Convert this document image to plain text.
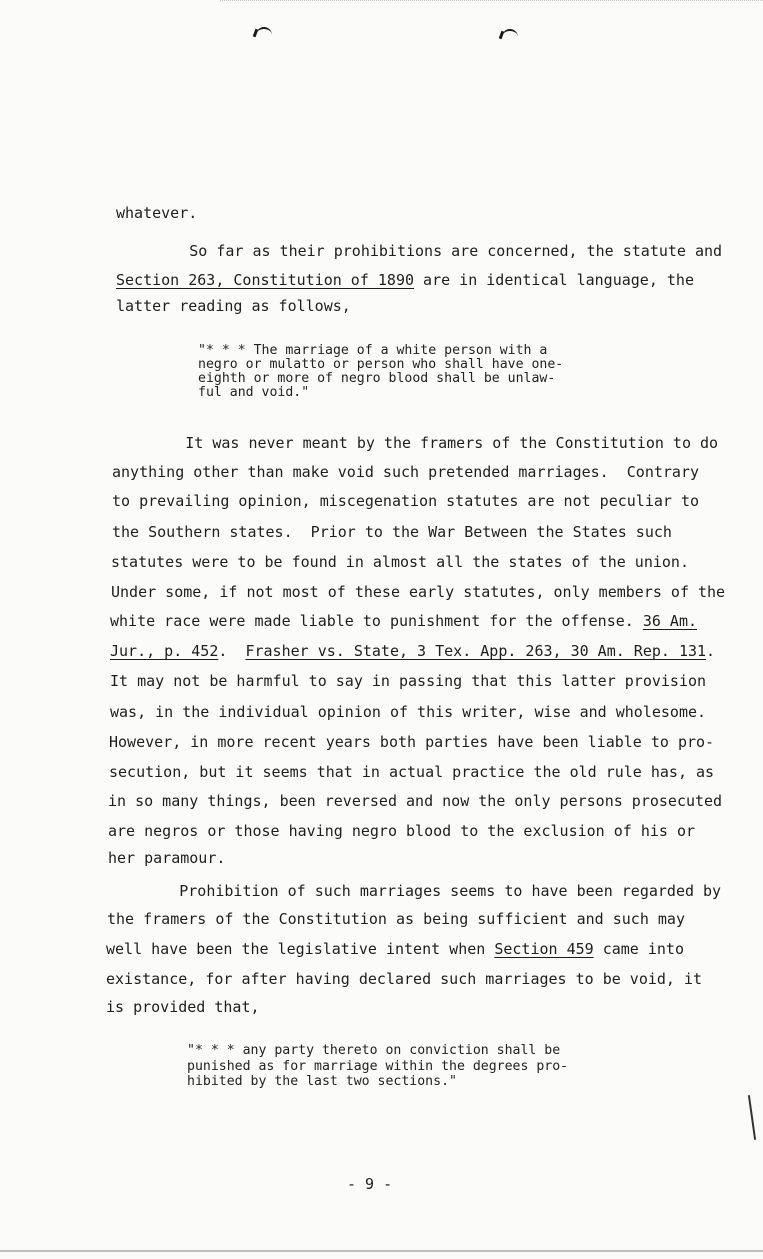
whatever.
So far as their prohibitions are concerned, the statute and
Section 263, Constitution of 1890 are in identical language, the
latter reading as follows,
"* * * The marriage of a white person with a
negro or mulatto or person who shall have one-
eighth or more of negro blood shall be unlaw-
ful and void."
It was never meant by the framers of the Constitution to do
anything other than make void such pretended marriages.  Contrary
to prevailing opinion, miscegenation statutes are not peculiar to
the Southern states.  Prior to the War Between the States such
statutes were to be found in almost all the states of the union.
Under some, if not most of these early statutes, only members of the
white race were made liable to punishment for the offense. 36 Am.
Jur., p. 452.  Frasher vs. State, 3 Tex. App. 263, 30 Am. Rep. 131.
It may not be harmful to say in passing that this latter provision
was, in the individual opinion of this writer, wise and wholesome.
However, in more recent years both parties have been liable to pro-
secution, but it seems that in actual practice the old rule has, as
in so many things, been reversed and now the only persons prosecuted
are negros or those having negro blood to the exclusion of his or
her paramour.
Prohibition of such marriages seems to have been regarded by
the framers of the Constitution as being sufficient and such may
well have been the legislative intent when Section 459 came into
existance, for after having declared such marriages to be void, it
is provided that,
"* * * any party thereto on conviction shall be
punished as for marriage within the degrees pro-
hibited by the last two sections."
- 9 -
